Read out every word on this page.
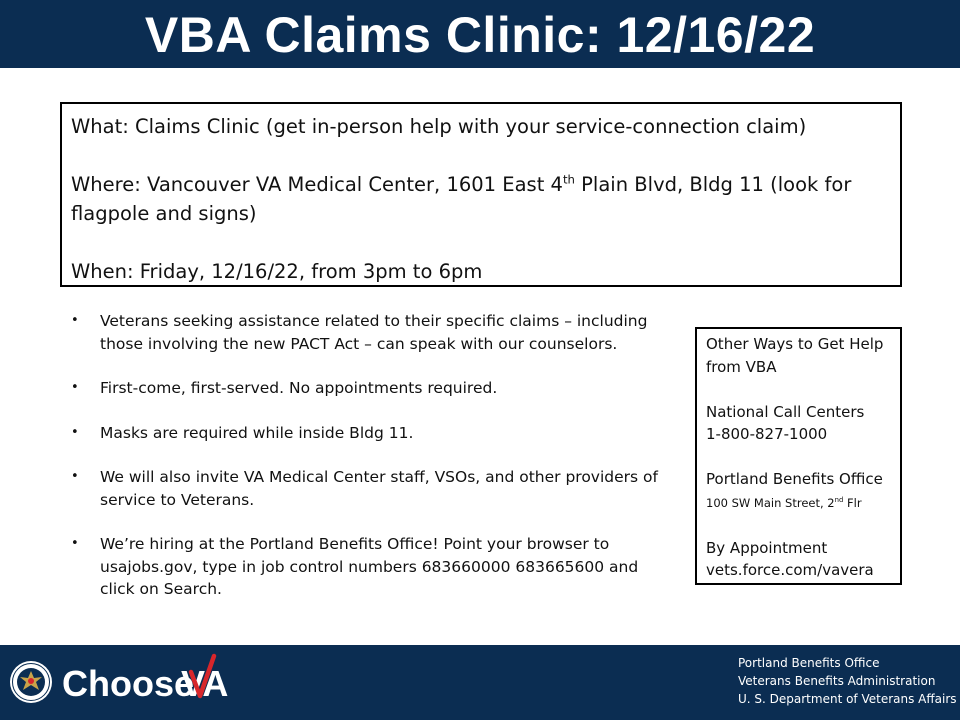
VBA Claims Clinic: 12/16/22

What: Claims Clinic (get in-person help with your service-connection claim)

Where: Vancouver VA Medical Center, 1601 East 4th Plain Blvd, Bldg 11 (look for
flagpole and signs)

When: Friday, 12/16/22, from 3pm to 6pm

• Veterans seeking assistance related to their specific claims – including
those involving the new PACT Act – can speak with our counselors.
• First-come, first-served. No appointments required.
• Masks are required while inside Bldg 11.
• We will also invite VA Medical Center staff, VSOs, and other providers of
service to Veterans.
• We’re hiring at the Portland Benefits Office! Point your browser to
usajobs.gov, type in job control numbers 683660000 683665600 and
click on Search.
Other Ways to Get Help
from VBA
National Call Centers
1-800-827-1000
Portland Benefits Office
100 SW Main Street, 2nd Flr
By Appointment
vets.force.com/vavera
Choose
VA	Portland Benefits Office
Veterans Benefits Administration
U. S. Department of Veterans Affairs
